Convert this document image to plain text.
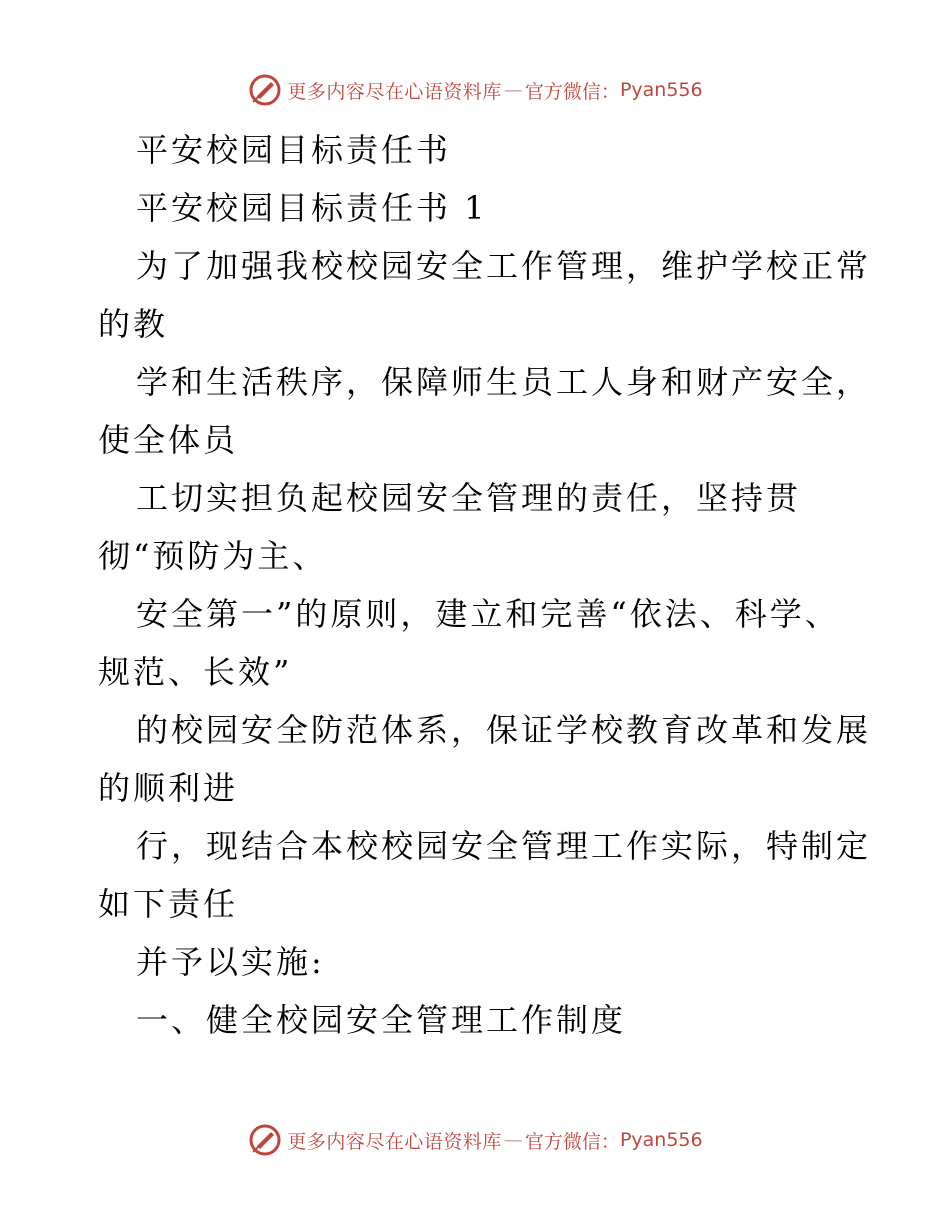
更多内容尽在心语资料库 — 官方微信： Pyan556
平安校园目标责任书
平安校园目标责任书 1
为了加强我校校园安全工作管理，维护学校正常
的教
学和生活秩序，保障师生员工人身和财产安全，
使全体员
工切实担负起校园安全管理的责任，坚持贯
彻“预防为主、
安全第一”的原则，建立和完善“依法、科学、
规范、长效”
的校园安全防范体系，保证学校教育改革和发展
的顺利进
行，现结合本校校园安全管理工作实际，特制定
如下责任
并予以实施:
一、健全校园安全管理工作制度
更多内容尽在心语资料库 — 官方微信： Pyan556
